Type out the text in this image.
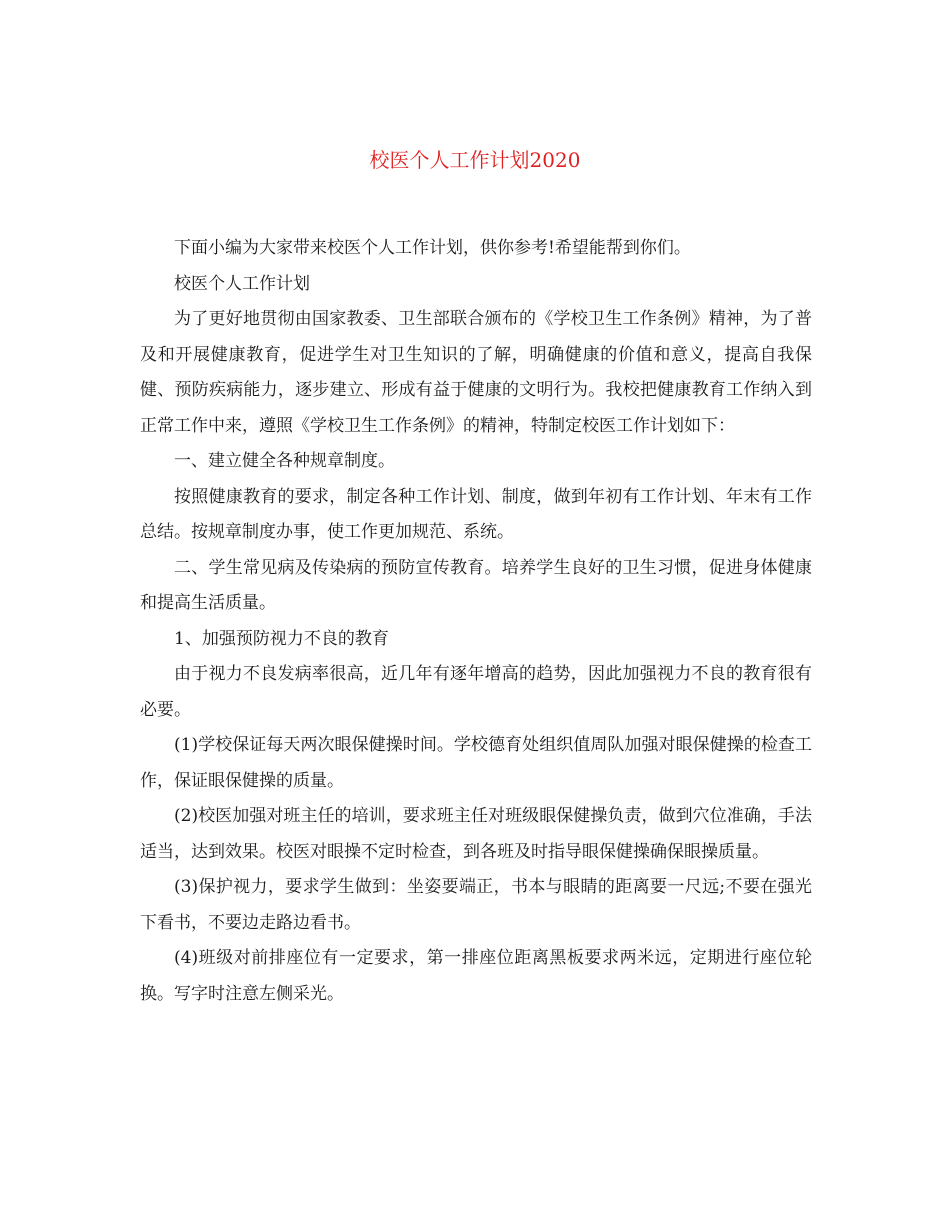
校医个人工作计划2020

下面小编为大家带来校医个人工作计划，供你参考!希望能帮到你们。

校医个人工作计划

为了更好地贯彻由国家教委、卫生部联合颁布的《学校卫生工作条例》精神，为了普及和开展健康教育，促进学生对卫生知识的了解，明确健康的价值和意义，提高自我保健、预防疾病能力，逐步建立、形成有益于健康的文明行为。我校把健康教育工作纳入到正常工作中来，遵照《学校卫生工作条例》的精神，特制定校医工作计划如下：

一、建立健全各种规章制度。

按照健康教育的要求，制定各种工作计划、制度，做到年初有工作计划、年末有工作总结。按规章制度办事，使工作更加规范、系统。

二、学生常见病及传染病的预防宣传教育。培养学生良好的卫生习惯，促进身体健康和提高生活质量。

1、加强预防视力不良的教育

由于视力不良发病率很高，近几年有逐年增高的趋势，因此加强视力不良的教育很有必要。

(1)学校保证每天两次眼保健操时间。学校德育处组织值周队加强对眼保健操的检查工作，保证眼保健操的质量。

(2)校医加强对班主任的培训，要求班主任对班级眼保健操负责，做到穴位准确，手法适当，达到效果。校医对眼操不定时检查，到各班及时指导眼保健操确保眼操质量。

(3)保护视力，要求学生做到：坐姿要端正，书本与眼睛的距离要一尺远;不要在强光下看书，不要边走路边看书。

(4)班级对前排座位有一定要求，第一排座位距离黑板要求两米远，定期进行座位轮换。写字时注意左侧采光。
